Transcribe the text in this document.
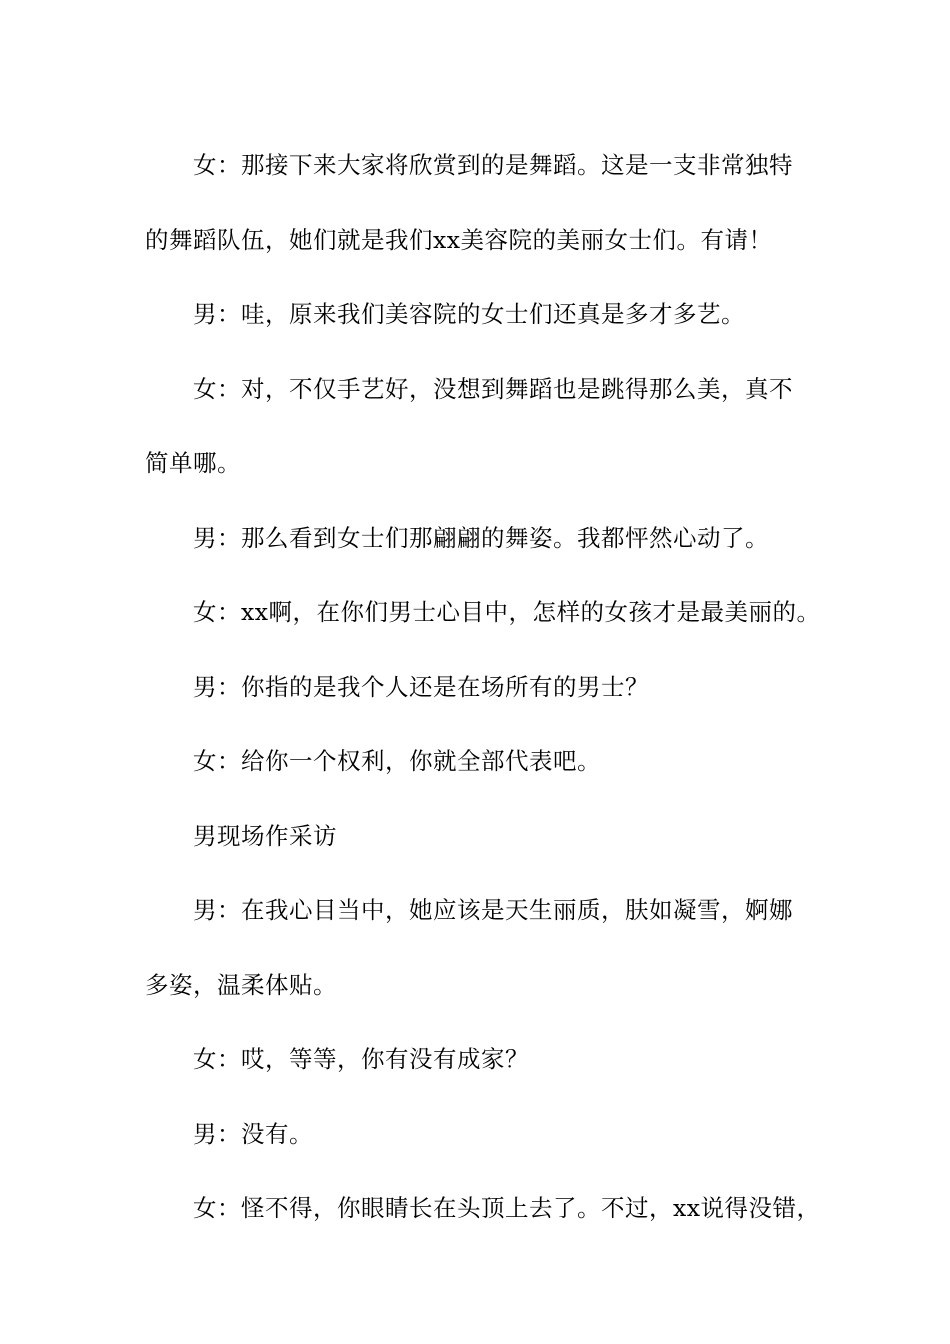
女：那接下来大家将欣赏到的是舞蹈。这是一支非常独特
的舞蹈队伍，她们就是我们xx美容院的美丽女士们。有请！
男：哇，原来我们美容院的女士们还真是多才多艺。
女：对，不仅手艺好，没想到舞蹈也是跳得那么美，真不
简单哪。
男：那么看到女士们那翩翩的舞姿。我都怦然心动了。
女：xx啊，在你们男士心目中，怎样的女孩才是最美丽的。
男：你指的是我个人还是在场所有的男士？
女：给你一个权利，你就全部代表吧。
男现场作采访
男：在我心目当中，她应该是天生丽质，肤如凝雪，婀娜
多姿，温柔体贴。
女：哎，等等，你有没有成家？
男：没有。
女：怪不得，你眼睛长在头顶上去了。不过，xx说得没错，
